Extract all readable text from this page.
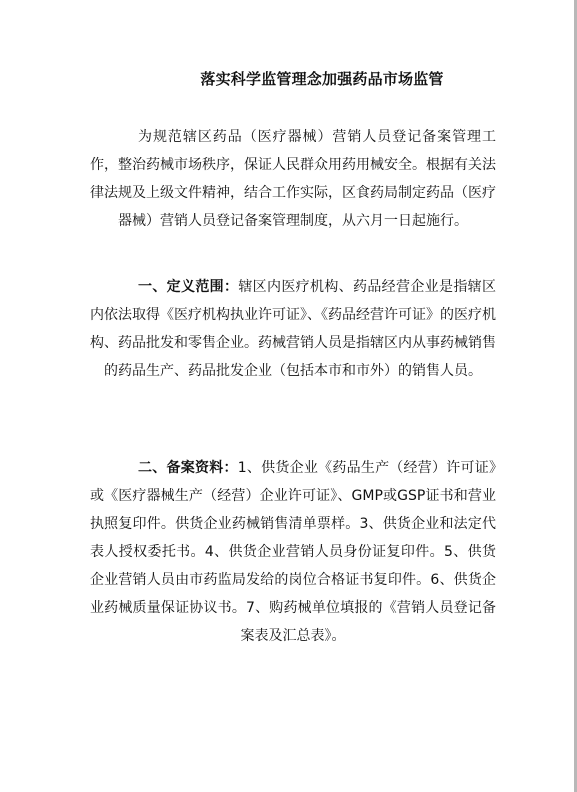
落实科学监管理念加强药品市场监管

为规范辖区药品（医疗器械）营销人员登记备案管理工作，整治药械市场秩序，保证人民群众用药用械安全。根据有关法律法规及上级文件精神，结合工作实际，区食药局制定药品（医疗器械）营销人员登记备案管理制度，从六月一日起施行。

一、定义范围：辖区内医疗机构、药品经营企业是指辖区内依法取得《医疗机构执业许可证》、《药品经营许可证》的医疗机构、药品批发和零售企业。药械营销人员是指辖区内从事药械销售的药品生产、药品批发企业（包括本市和市外）的销售人员。

二、备案资料：1、供货企业《药品生产（经营）许可证》或《医疗器械生产（经营）企业许可证》、GMP或GSP证书和营业执照复印件。供货企业药械销售清单票样。3、供货企业和法定代表人授权委托书。4、供货企业营销人员身份证复印件。5、供货企业营销人员由市药监局发给的岗位合格证书复印件。6、供货企业药械质量保证协议书。7、购药械单位填报的《营销人员登记备案表及汇总表》。
